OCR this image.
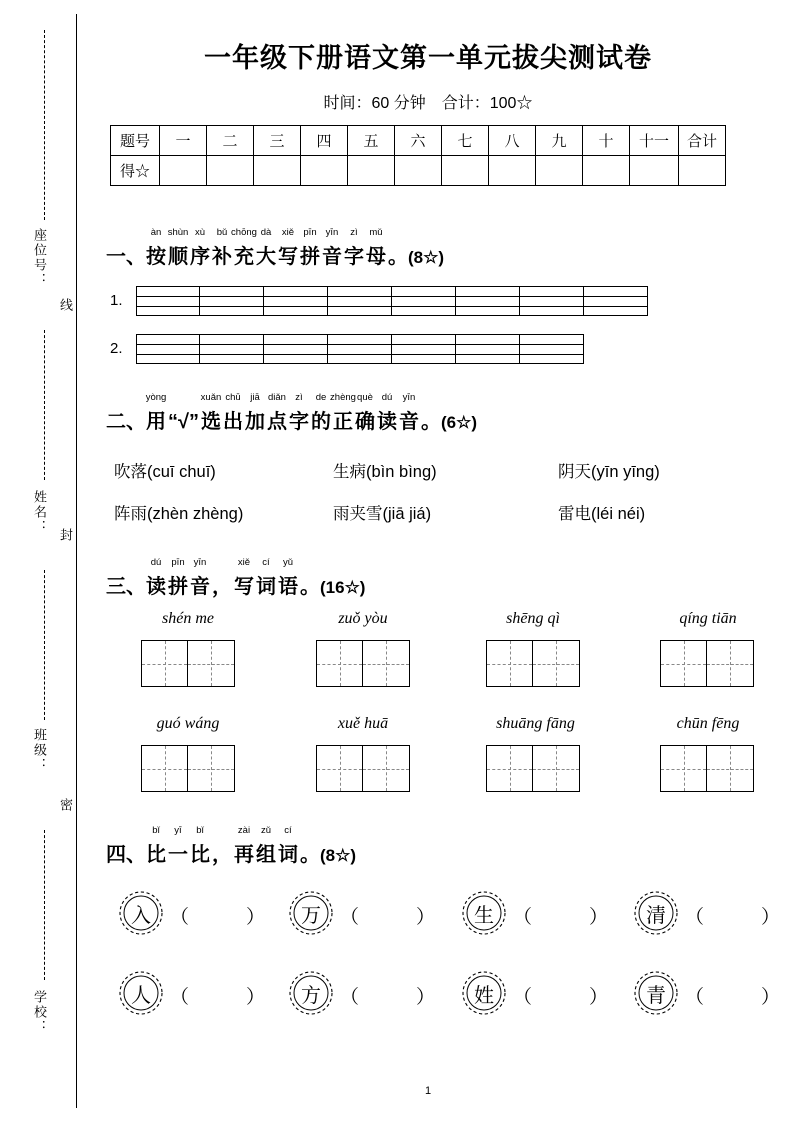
座位号：
姓名：
班级：
学校：
线
封
密
一年级下册语文第一单元拔尖测试卷
时间：60 分钟　合计：100☆
题号	一	二	三	四	五	六	七	八	九	十	十一	合计
得☆												
一、
àn
按
shùn
顺
xù
序
bǔ
补
chōng
充
dà
大
xiě
写
pīn
拼
yīn
音
zì
字
mǔ
母 。(8☆)
1.
2.
二、
yòng
用 “√”
xuǎn
选
chū
出
jiā
加
diǎn
点
zì
字
de
的
zhèng
正
què
确
dú
读
yīn
音 。(6☆)
吹落(cuī chuī)	生病(bìn bìng)	阴天(yīn yīng)
阵雨(zhèn zhèng)	雨夹雪(jiā jiá)	雷电(léi néi)
三、
dú
读
pīn
拼
yīn
音 ，
xiě
写
cí
词
yǔ
语 。(16☆)
shén me	zuǒ yòu	shēng qì	qíng tiān
guó wáng	xuě huā	shuāng fāng	chūn fēng
四、
bǐ
比
yī
一
bǐ
比 ，
zài
再
zǔ
组
cí
词 。(8☆)
入	（　　　	）	万	（　　　	）	生	（　　　	）	清	（　　　	）
人	（　　　	）	方	（　　　	）	姓	（　　　	）	青	（　　　	）
1
